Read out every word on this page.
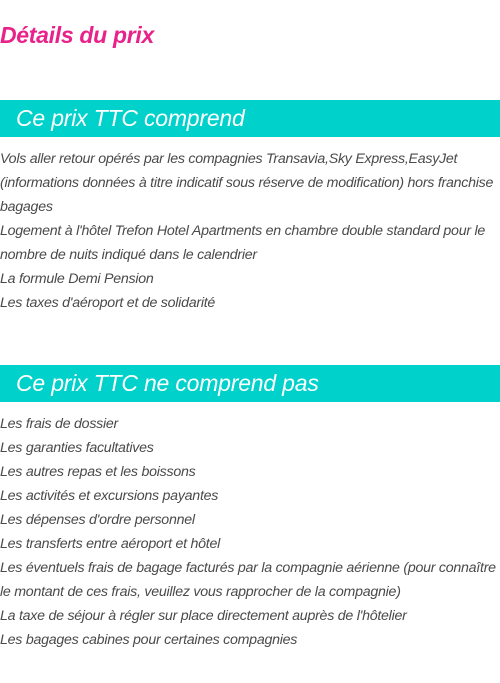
Détails du prix
Ce prix TTC comprend
Vols aller retour opérés par les compagnies Transavia,Sky Express,EasyJet (informations données à titre indicatif sous réserve de modification) hors franchise bagages
Logement à l'hôtel Trefon Hotel Apartments en chambre double standard pour le nombre de nuits indiqué dans le calendrier
La formule Demi Pension
Les taxes d'aéroport et de solidarité
Ce prix TTC ne comprend pas
Les frais de dossier
Les garanties facultatives
Les autres repas et les boissons
Les activités et excursions payantes
Les dépenses d'ordre personnel
Les transferts entre aéroport et hôtel
Les éventuels frais de bagage facturés par la compagnie aérienne (pour connaître le montant de ces frais, veuillez vous rapprocher de la compagnie)
La taxe de séjour à régler sur place directement auprès de l'hôtelier
Les bagages cabines pour certaines compagnies
